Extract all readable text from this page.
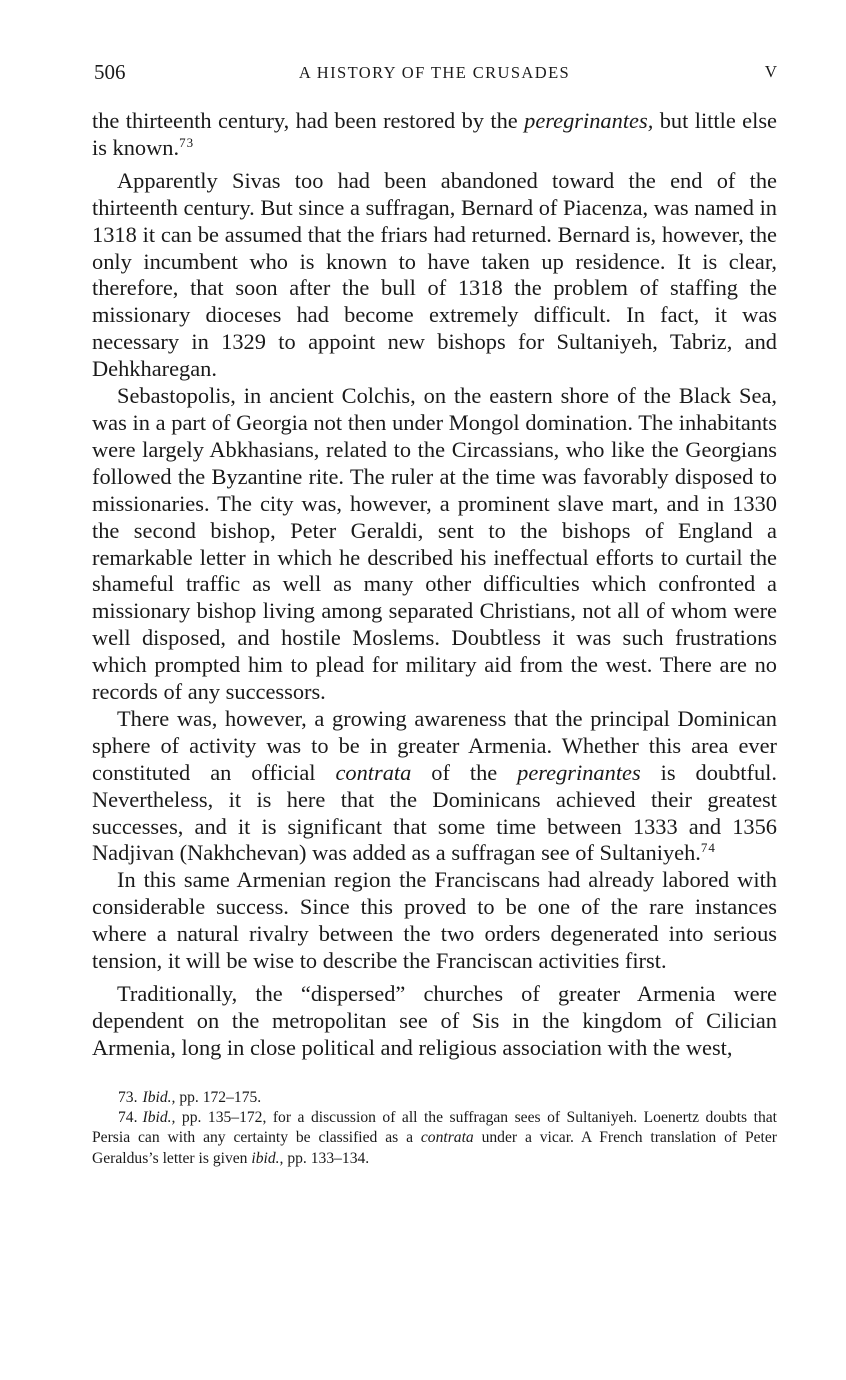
506	A HISTORY OF THE CRUSADES	V

the thirteenth century, had been restored by the peregrinantes, but little else is known.$^{73}$

Apparently Sivas too had been abandoned toward the end of the thirteenth century. But since a suffragan, Bernard of Piacenza, was named in 1318 it can be assumed that the friars had returned. Bernard is, however, the only incumbent who is known to have taken up residence. It is clear, therefore, that soon after the bull of 1318 the problem of staffing the missionary dioceses had become extremely difficult. In fact, it was necessary in 1329 to appoint new bishops for Sultaniyeh, Tabriz, and Dehkharegan.

Sebastopolis, in ancient Colchis, on the eastern shore of the Black Sea, was in a part of Georgia not then under Mongol domination. The inhabitants were largely Abkhasians, related to the Circassians, who like the Georgians followed the Byzantine rite. The ruler at the time was favorably disposed to missionaries. The city was, however, a prominent slave mart, and in 1330 the second bishop, Peter Geraldi, sent to the bishops of England a remarkable letter in which he described his ineffectual efforts to curtail the shameful traffic as well as many other difficulties which confronted a missionary bishop living among separated Christians, not all of whom were well disposed, and hostile Moslems. Doubtless it was such frustrations which prompted him to plead for military aid from the west. There are no records of any successors.

There was, however, a growing awareness that the principal Dominican sphere of activity was to be in greater Armenia. Whether this area ever constituted an official contrata of the peregrinantes is doubtful. Nevertheless, it is here that the Dominicans achieved their greatest successes, and it is significant that some time between 1333 and 1356 Nadjivan (Nakhchevan) was added as a suffragan see of Sultaniyeh.$^{74}$

In this same Armenian region the Franciscans had already labored with considerable success. Since this proved to be one of the rare instances where a natural rivalry between the two orders degenerated into serious tension, it will be wise to describe the Franciscan activities first.

Traditionally, the “dispersed” churches of greater Armenia were dependent on the metropolitan see of Sis in the kingdom of Cilician Armenia, long in close political and religious association with the west,

73. Ibid., pp. 172–175.

74. Ibid., pp. 135–172, for a discussion of all the suffragan sees of Sultaniyeh. Loenertz doubts that Persia can with any certainty be classified as a contrata under a vicar. A French translation of Peter Geraldus’s letter is given ibid., pp. 133–134.
